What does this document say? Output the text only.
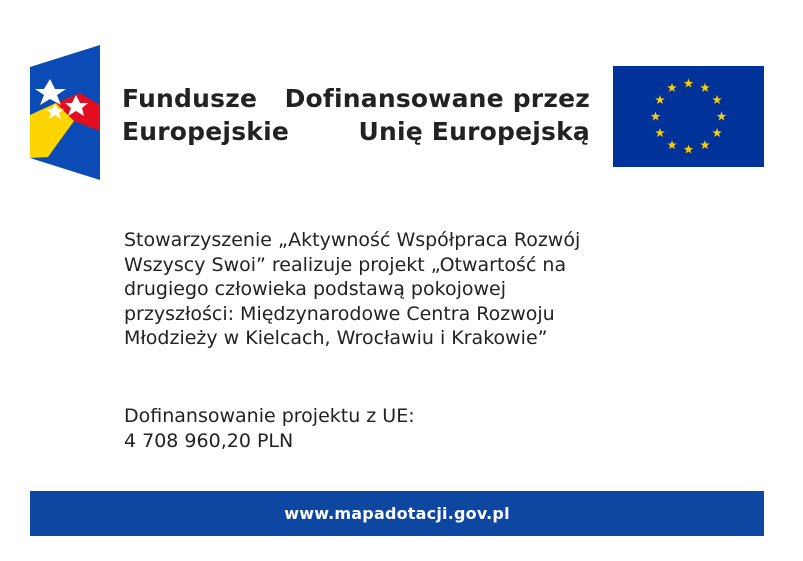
Fundusze
Europejskie
Dofinansowane przez
Unię Europejską
Stowarzyszenie „Aktywność Współpraca Rozwój
Wszyscy Swoi” realizuje projekt „Otwartość na
drugiego człowieka podstawą pokojowej
przyszłości: Międzynarodowe Centra Rozwoju
Młodzieży w Kielcach, Wrocławiu i Krakowie”
Dofinansowanie projektu z UE:
4 708 960,20 PLN
www.mapadotacji.gov.pl
